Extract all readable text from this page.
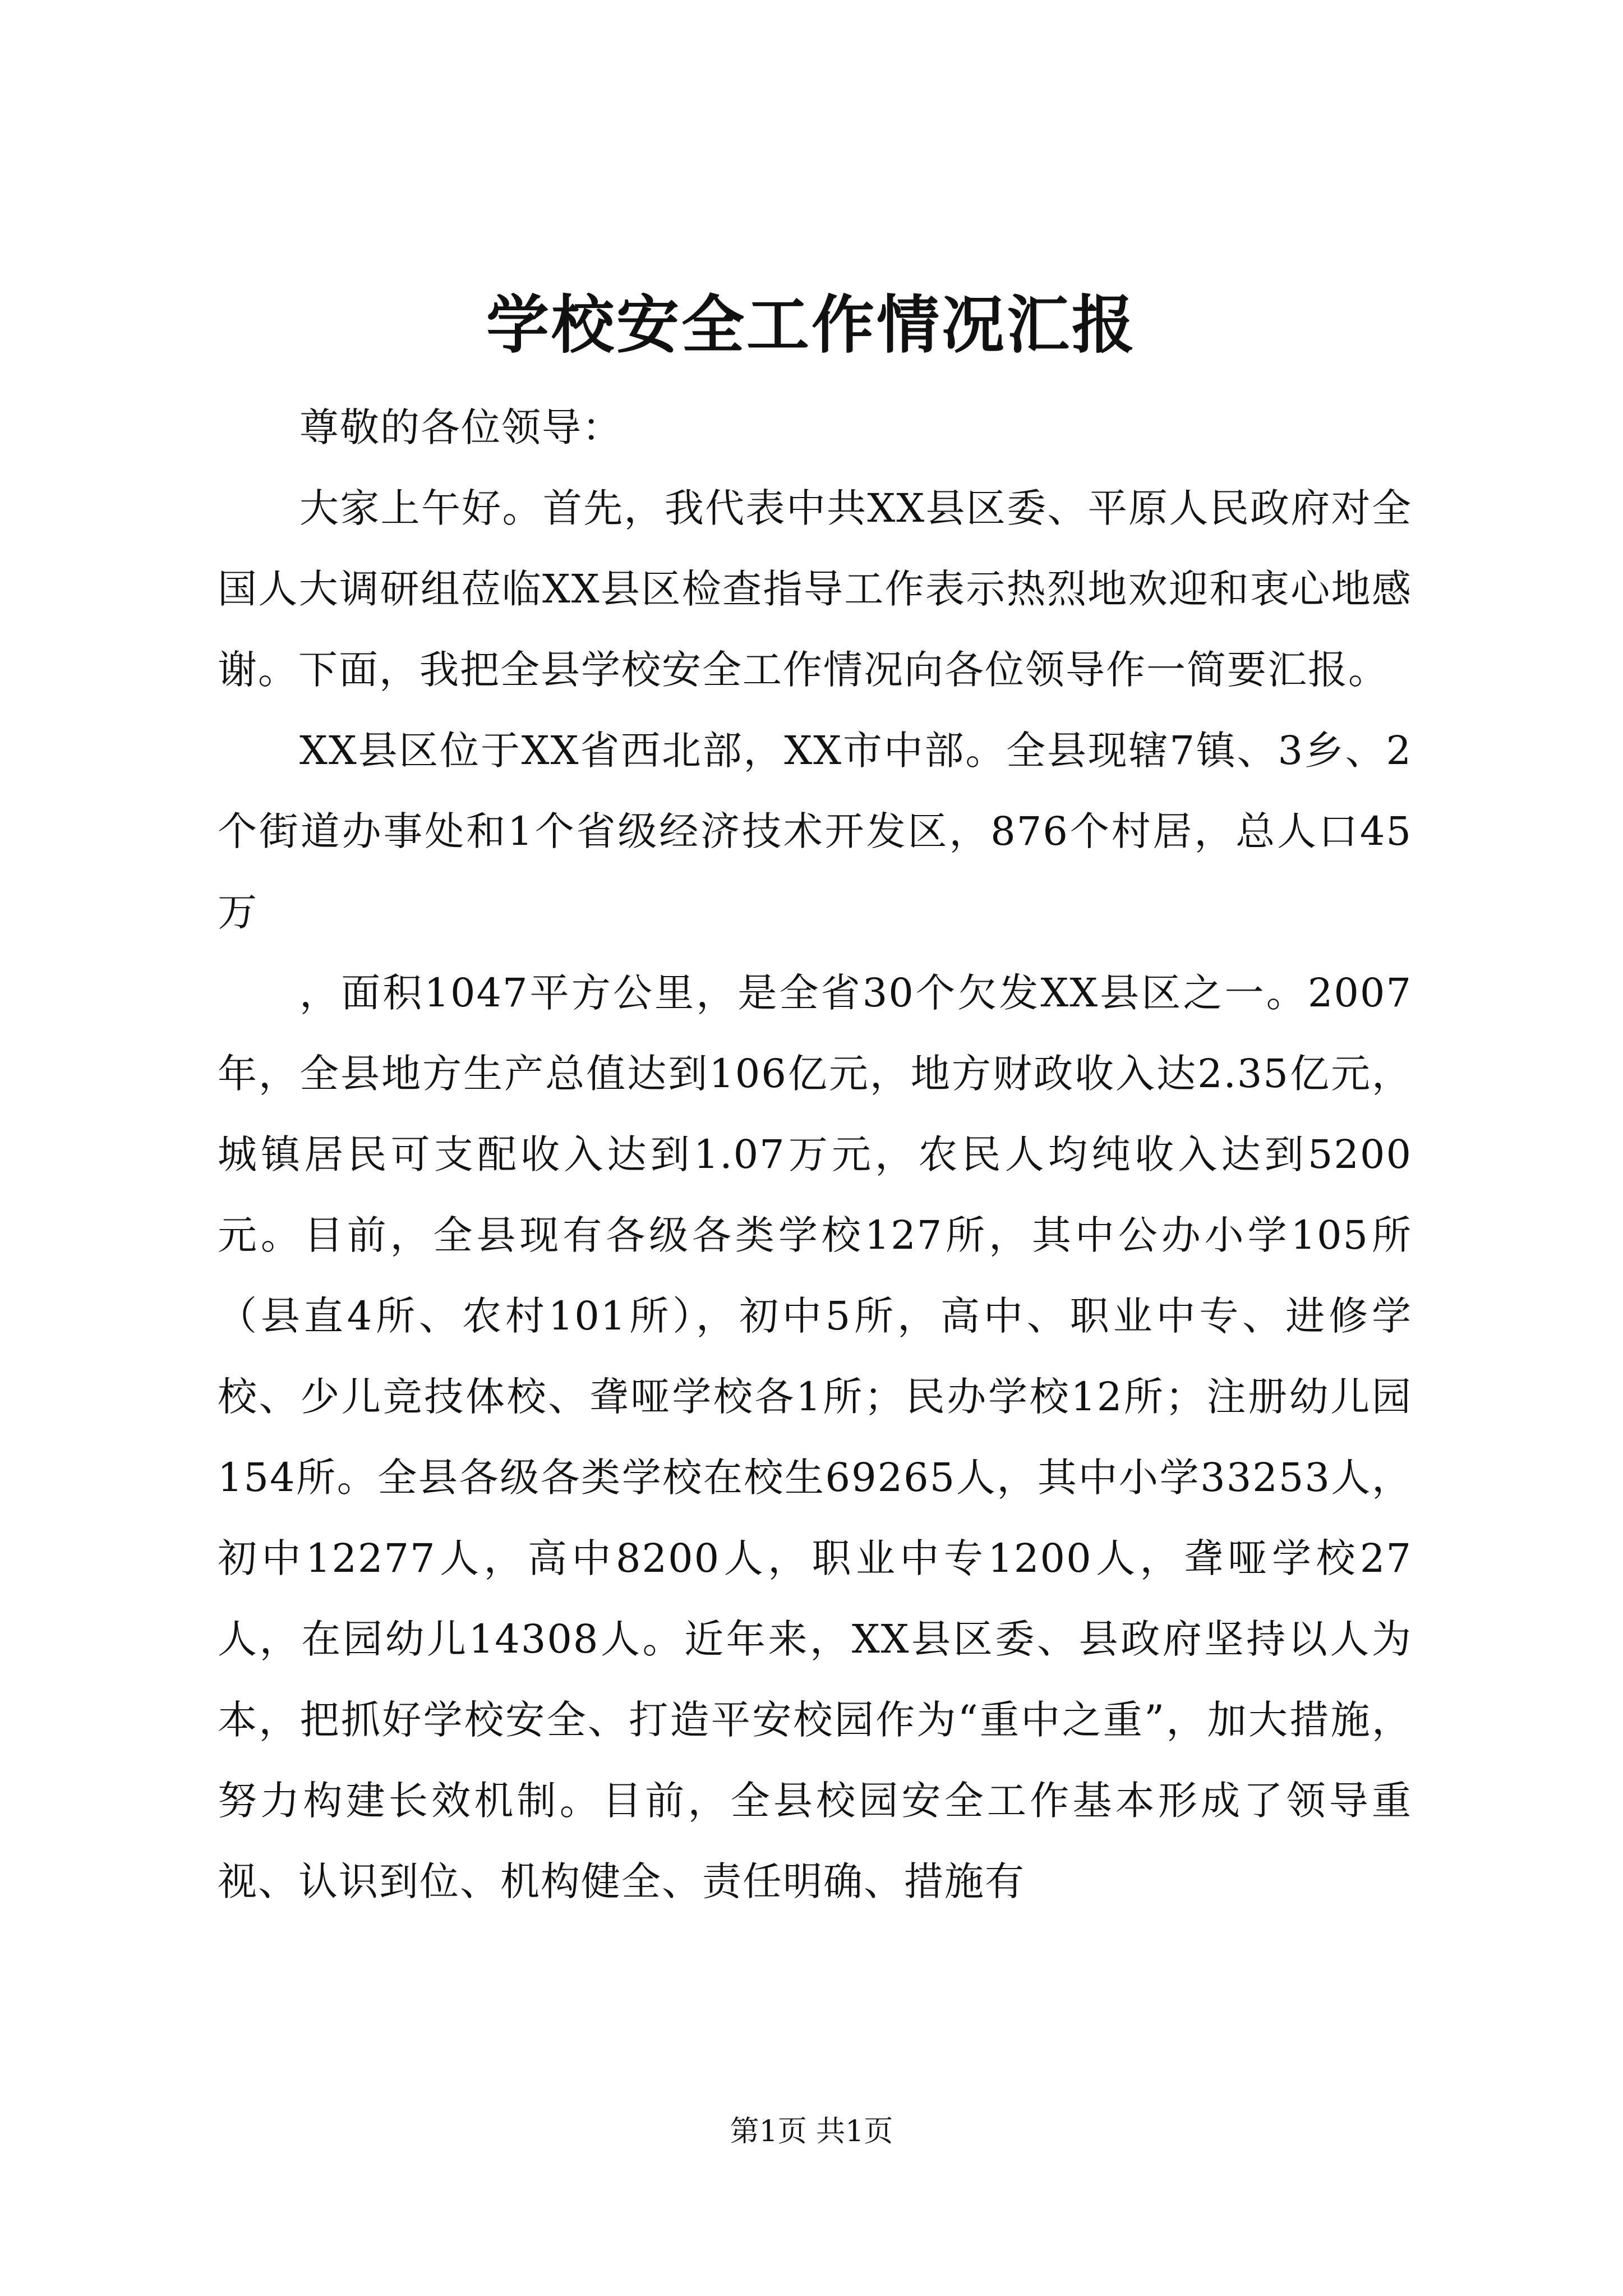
学校安全工作情况汇报

尊敬的各位领导：

大家上午好。首先，我代表中共XX县区委、平原人民政府对全国人大调研组莅临XX县区检查指导工作表示热烈地欢迎和衷心地感谢。下面，我把全县学校安全工作情况向各位领导作一简要汇报。

XX县区位于XX省西北部，XX市中部。全县现辖7镇、3乡、2个街道办事处和1个省级经济技术开发区，876个村居，总人口45万

，面积1047平方公里，是全省30个欠发XX县区之一。2007年，全县地方生产总值达到106亿元，地方财政收入达2.35亿元，城镇居民可支配收入达到1.07万元，农民人均纯收入达到5200元。目前，全县现有各级各类学校127所，其中公办小学105所（县直4所、农村101所），初中5所，高中、职业中专、进修学校、少儿竞技体校、聋哑学校各1所；民办学校12所；注册幼儿园154所。全县各级各类学校在校生69265人，其中小学33253人，初中12277人，高中8200人，职业中专1200人，聋哑学校27人，在园幼儿14308人。近年来，XX县区委、县政府坚持以人为本，把抓好学校安全、打造平安校园作为“重中之重”，加大措施，努力构建长效机制。目前，全县校园安全工作基本形成了领导重视、认识到位、机构健全、责任明确、措施有

第1页 共1页
